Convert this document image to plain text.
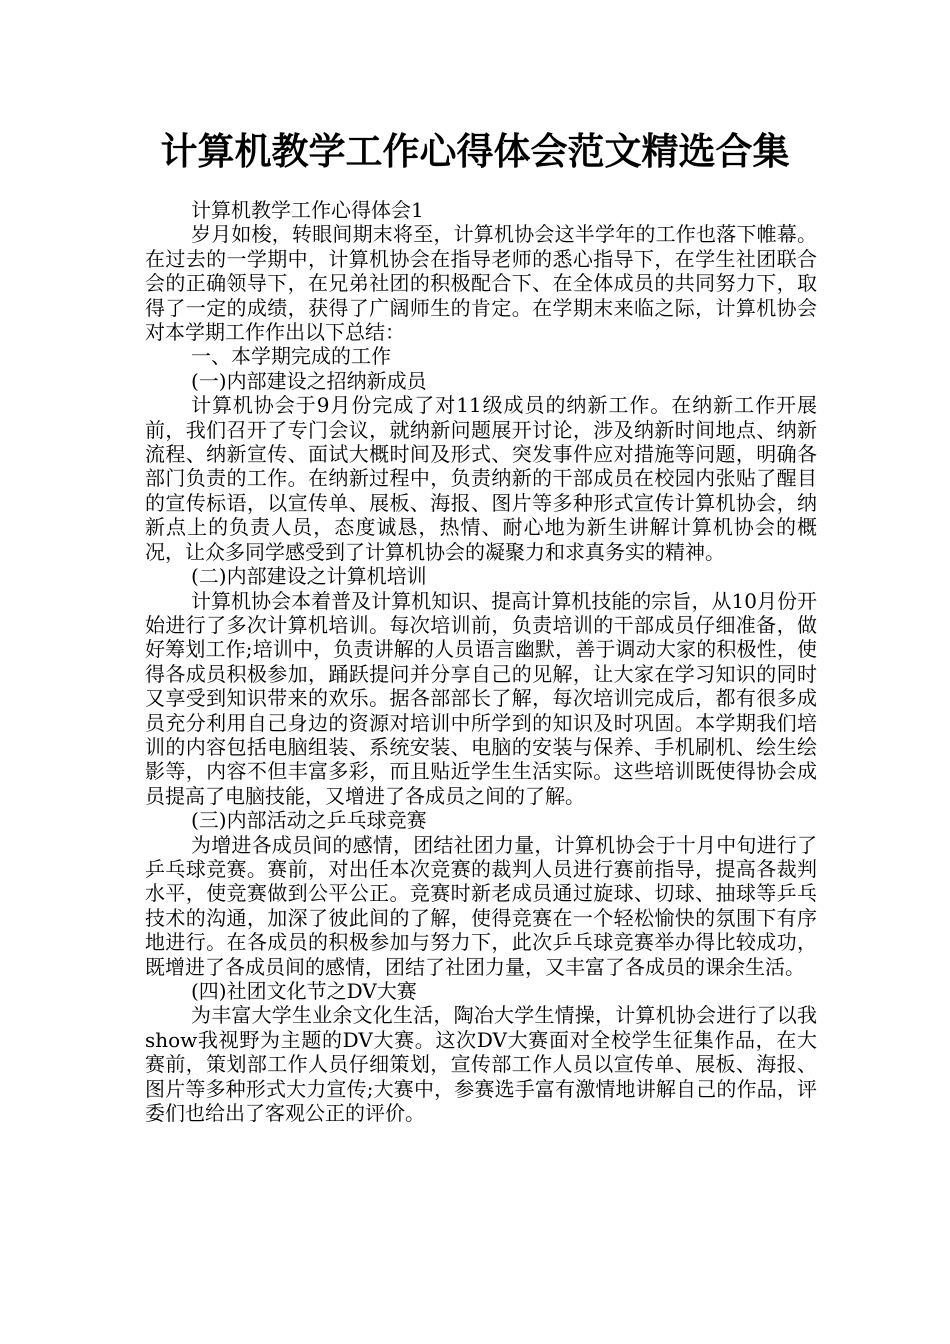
计算机教学工作心得体会范文精选合集

计算机教学工作心得体会1

岁月如梭，转眼间期末将至，计算机协会这半学年的工作也落下帷幕。在过去的一学期中，计算机协会在指导老师的悉心指导下，在学生社团联合会的正确领导下，在兄弟社团的积极配合下、在全体成员的共同努力下，取得了一定的成绩，获得了广阔师生的肯定。在学期末来临之际，计算机协会对本学期工作作出以下总结：

一、本学期完成的工作

(一)内部建设之招纳新成员

计算机协会于9月份完成了对11级成员的纳新工作。在纳新工作开展前，我们召开了专门会议，就纳新问题展开讨论，涉及纳新时间地点、纳新流程、纳新宣传、面试大概时间及形式、突发事件应对措施等问题，明确各部门负责的工作。在纳新过程中，负责纳新的干部成员在校园内张贴了醒目的宣传标语，以宣传单、展板、海报、图片等多种形式宣传计算机协会，纳新点上的负责人员，态度诚恳，热情、耐心地为新生讲解计算机协会的概况，让众多同学感受到了计算机协会的凝聚力和求真务实的精神。

(二)内部建设之计算机培训

计算机协会本着普及计算机知识、提高计算机技能的宗旨，从10月份开始进行了多次计算机培训。每次培训前，负责培训的干部成员仔细准备，做好筹划工作;培训中，负责讲解的人员语言幽默，善于调动大家的积极性，使得各成员积极参加，踊跃提问并分享自己的见解，让大家在学习知识的同时又享受到知识带来的欢乐。据各部部长了解，每次培训完成后，都有很多成员充分利用自己身边的资源对培训中所学到的知识及时巩固。本学期我们培训的内容包括电脑组装、系统安装、电脑的安装与保养、手机刷机、绘生绘影等，内容不但丰富多彩，而且贴近学生生活实际。这些培训既使得协会成员提高了电脑技能，又增进了各成员之间的了解。

(三)内部活动之乒乓球竞赛

为增进各成员间的感情，团结社团力量，计算机协会于十月中旬进行了乒乓球竞赛。赛前，对出任本次竞赛的裁判人员进行赛前指导，提高各裁判水平，使竞赛做到公平公正。竞赛时新老成员通过旋球、切球、抽球等乒乓技术的沟通，加深了彼此间的了解，使得竞赛在一个轻松愉快的氛围下有序地进行。在各成员的积极参加与努力下，此次乒乓球竞赛举办得比较成功，既增进了各成员间的感情，团结了社团力量，又丰富了各成员的课余生活。

(四)社团文化节之DV大赛

为丰富大学生业余文化生活，陶冶大学生情操，计算机协会进行了以我show我视野为主题的DV大赛。这次DV大赛面对全校学生征集作品，在大赛前，策划部工作人员仔细策划，宣传部工作人员以宣传单、展板、海报、图片等多种形式大力宣传;大赛中，参赛选手富有激情地讲解自己的作品，评委们也给出了客观公正的评价。
